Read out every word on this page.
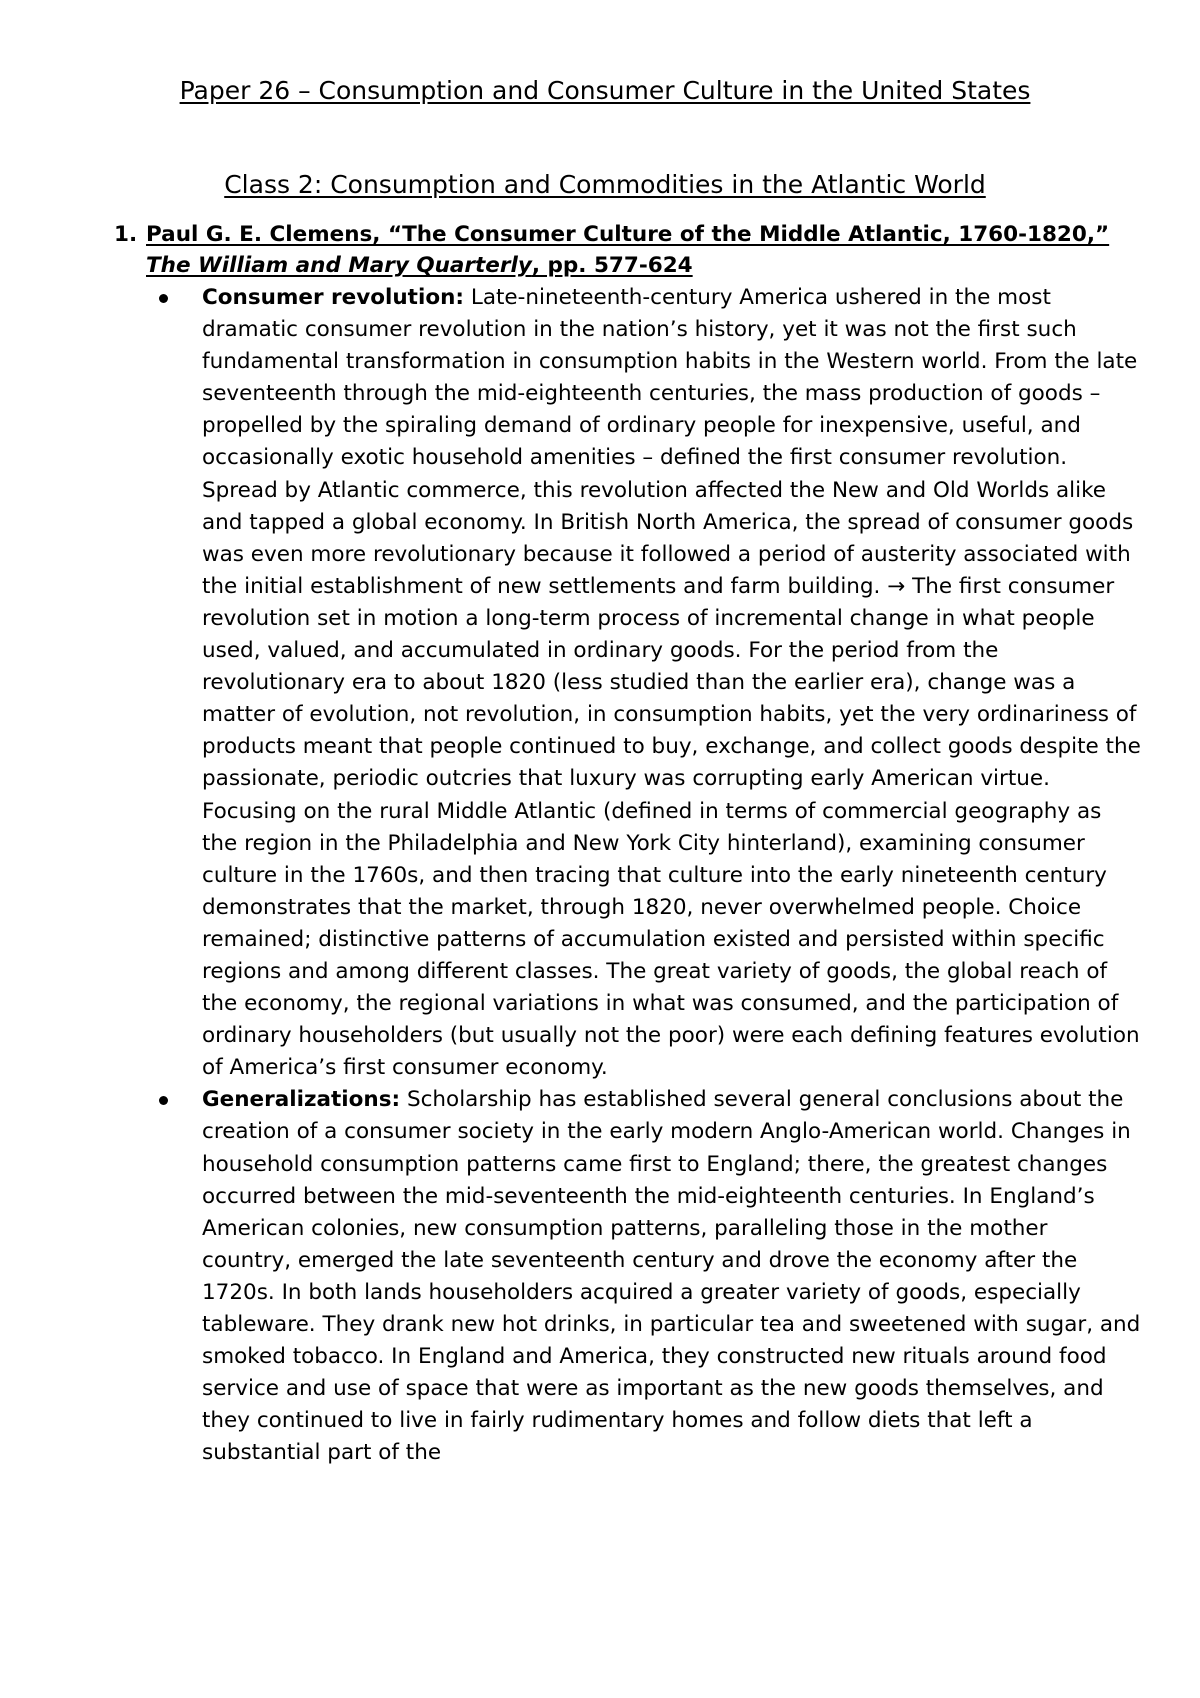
Paper 26 – Consumption and Consumer Culture in the United States
Class 2: Consumption and Commodities in the Atlantic World

1. Paul G. E. Clemens, “The Consumer Culture of the Middle Atlantic, 1760-1820,” The William and Mary Quarterly, pp. 577-624

Consumer revolution: Late-nineteenth-century America ushered in the most dramatic consumer revolution in the nation’s history, yet it was not the first such fundamental transformation in consumption habits in the Western world. From the late seventeenth through the mid-eighteenth centuries, the mass production of goods – propelled by the spiraling demand of ordinary people for inexpensive, useful, and occasionally exotic household amenities – defined the first consumer revolution. Spread by Atlantic commerce, this revolution affected the New and Old Worlds alike and tapped a global economy. In British North America, the spread of consumer goods was even more revolutionary because it followed a period of austerity associated with the initial establishment of new settlements and farm building. → The first consumer revolution set in motion a long-term process of incremental change in what people used, valued, and accumulated in ordinary goods. For the period from the revolutionary era to about 1820 (less studied than the earlier era), change was a matter of evolution, not revolution, in consumption habits, yet the very ordinariness of products meant that people continued to buy, exchange, and collect goods despite the passionate, periodic outcries that luxury was corrupting early American virtue. Focusing on the rural Middle Atlantic (defined in terms of commercial geography as the region in the Philadelphia and New York City hinterland), examining consumer culture in the 1760s, and then tracing that culture into the early nineteenth century demonstrates that the market, through 1820, never overwhelmed people. Choice remained; distinctive patterns of accumulation existed and persisted within specific regions and among different classes. The great variety of goods, the global reach of the economy, the regional variations in what was consumed, and the participation of ordinary householders (but usually not the poor) were each defining features evolution of America’s first consumer economy.
Generalizations: Scholarship has established several general conclusions about the creation of a consumer society in the early modern Anglo-American world. Changes in household consumption patterns came first to England; there, the greatest changes occurred between the mid-seventeenth the mid-eighteenth centuries. In England’s American colonies, new consumption patterns, paralleling those in the mother country, emerged the late seventeenth century and drove the economy after the 1720s. In both lands householders acquired a greater variety of goods, especially tableware. They drank new hot drinks, in particular tea and sweetened with sugar, and smoked tobacco. In England and America, they constructed new rituals around food service and use of space that were as important as the new goods themselves, and they continued to live in fairly rudimentary homes and follow diets that left a substantial part of the
